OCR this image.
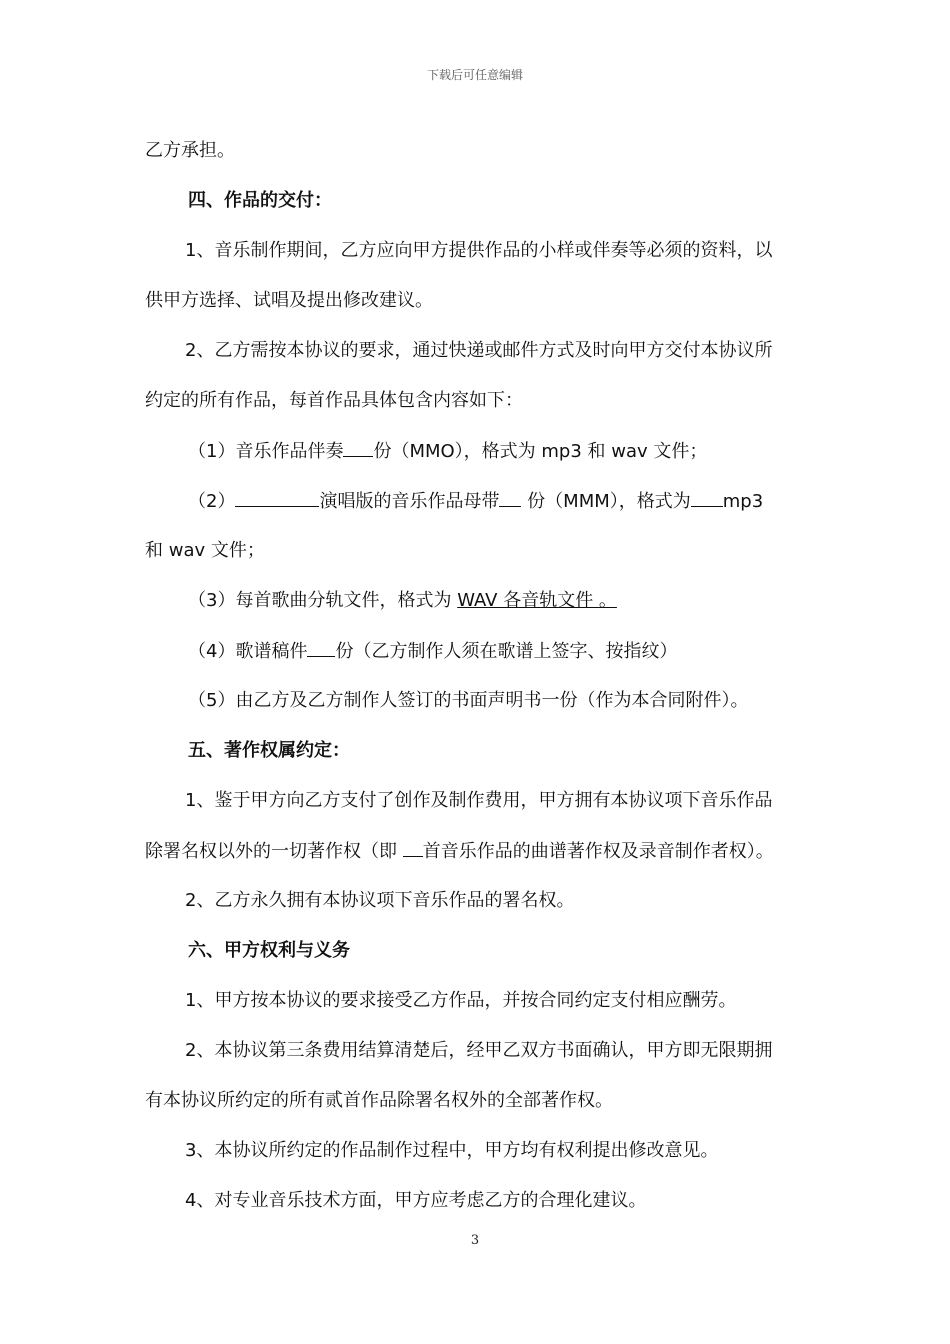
下载后可任意编辑
乙方承担。
四、作品的交付：
1、音乐制作期间，乙方应向甲方提供作品的小样或伴奏等必须的资料，以
供甲方选择、试唱及提出修改建议。
2、乙方需按本协议的要求，通过快递或邮件方式及时向甲方交付本协议所
约定的所有作品，每首作品具体包含内容如下：
（1）音乐作品伴奏 份（MMO），格式为 mp3 和 wav 文件；
（2）	演唱版的音乐作品母带 份（MMM），格式为 mp3
和 wav 文件；
（3）每首歌曲分轨文件，格式为 WAV 各音轨文件 。
（4）歌谱稿件 份（乙方制作人须在歌谱上签字、按指纹）
（5）由乙方及乙方制作人签订的书面声明书一份（作为本合同附件）。
五、著作权属约定：
1、鉴于甲方向乙方支付了创作及制作费用，甲方拥有本协议项下音乐作品
除署名权以外的一切著作权（即 首音乐作品的曲谱著作权及录音制作者权）。
2、乙方永久拥有本协议项下音乐作品的署名权。
六、甲方权利与义务
1、甲方按本协议的要求接受乙方作品，并按合同约定支付相应酬劳。
2、本协议第三条费用结算清楚后，经甲乙双方书面确认，甲方即无限期拥
有本协议所约定的所有贰首作品除署名权外的全部著作权。
3、本协议所约定的作品制作过程中，甲方均有权利提出修改意见。
4、对专业音乐技术方面，甲方应考虑乙方的合理化建议。
3
